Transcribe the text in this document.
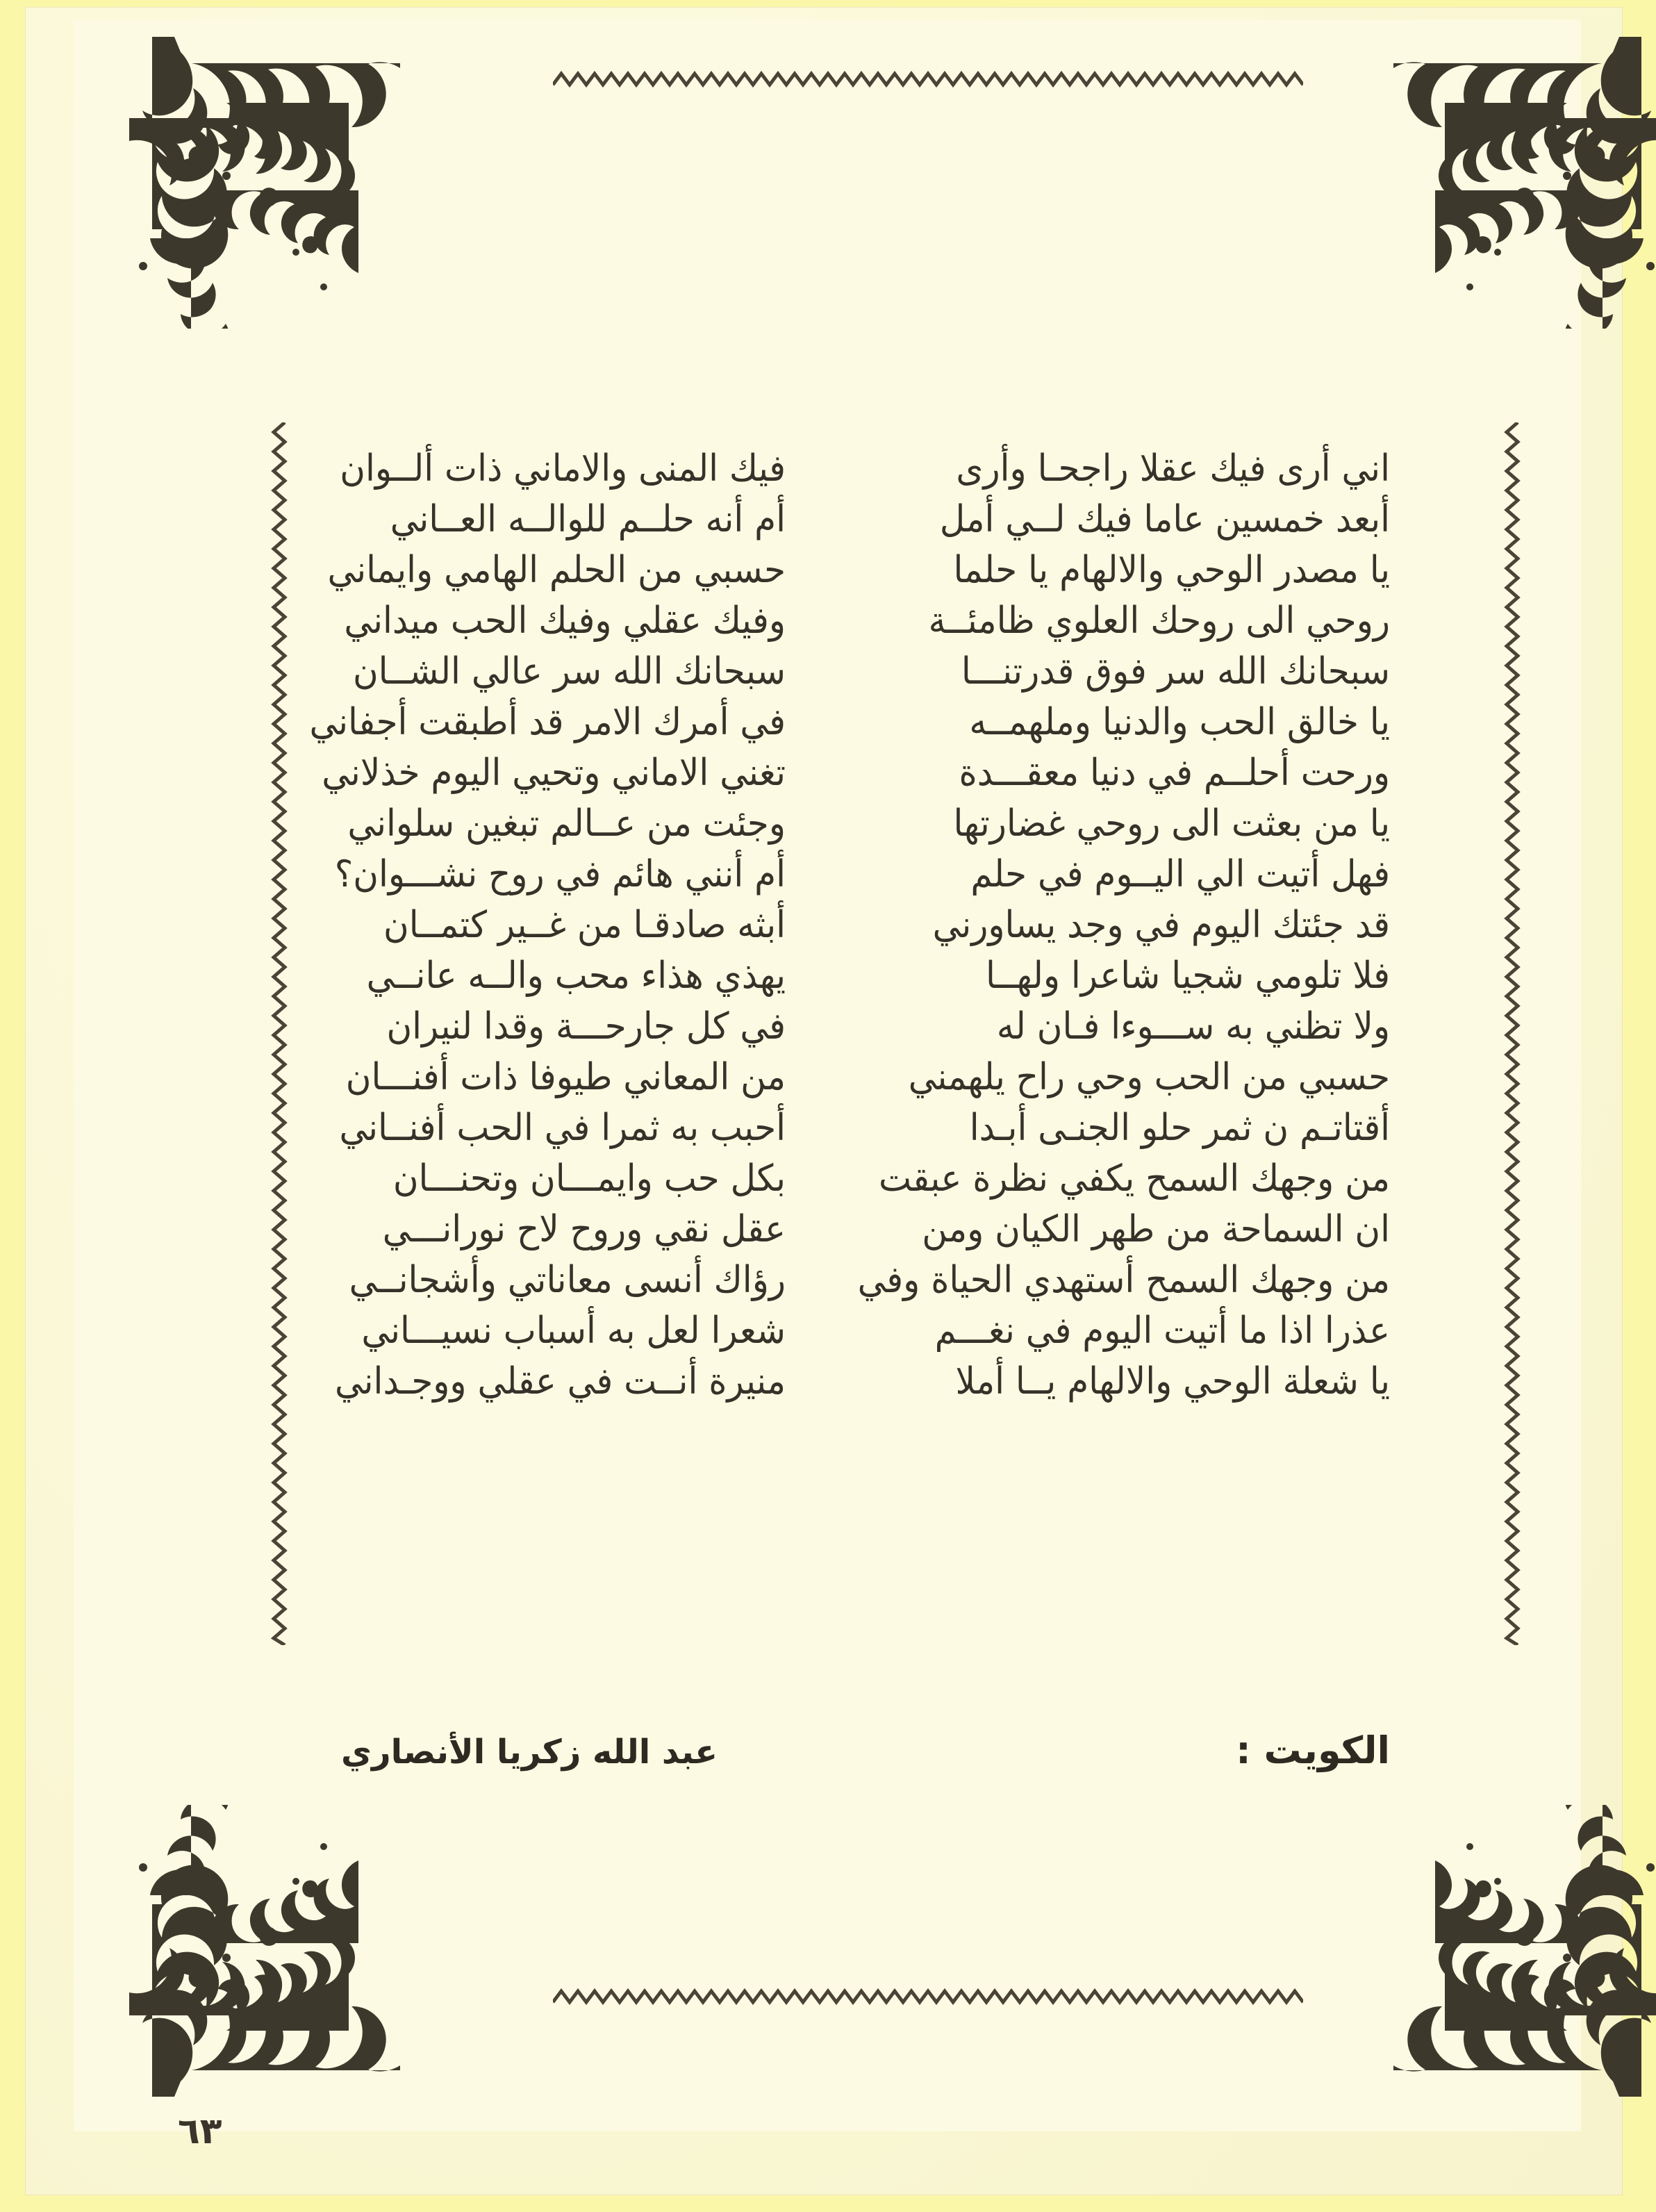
اني أرى فيك عقلا راجحـا وأرى
أبعد خمسين عاما فيك لــي أمل
يا مصدر الوحي والالهام يا حلما
روحي الى روحك العلوي ظامئــة
سبحانك الله سر فوق قدرتنـــا
يا خالق الحب والدنيا وملهمــه
ورحت أحلــم في دنيا معقـــدة
يا من بعثت الى روحي غضارتها
فهل أتيت الي اليــوم في حلم
قد جئتك اليوم في وجد يساورني
فلا تلومي شجيا شاعرا ولهــا
ولا تظني به ســـوءا فـان له
حسبي من الحب وحي راح يلهمني
أقتاتـم ن ثمر حلو الجنـى أبـدا
من وجهك السمح يكفي نظرة عبقت
ان السماحة من طهر الكيان ومن
من وجهك السمح أستهدي الحياة وفي
عذرا اذا ما أتيت اليوم في نغـــم
يا شعلة الوحي والالهام يــا أملا
فيك المنى والاماني ذات ألــوان
أم أنه حلــم للوالــه العــاني
حسبي من الحلم الهامي وايماني
وفيك عقلي وفيك الحب ميداني
سبحانك الله سر عالي الشــان
في أمرك الامر قد أطبقت أجفاني
تغني الاماني وتحيي اليوم خذلاني
وجئت من عــالم تبغين سلواني
أم أنني هائم في روح نشـــوان؟
أبثه صادقـا من غــير كتمــان
يهذي هذاء محب والــه عانــي
في كل جارحـــة وقدا لنيران
من المعاني طيوفا ذات أفنـــان
أحبب به ثمرا في الحب أفنــاني
بكل حب وايمـــان وتحنـــان
عقل نقي وروح لاح نورانـــي
رؤاك أنسى معاناتي وأشجانــي
شعرا لعل به أسباب نسيـــاني
منيرة أنــت في عقلي ووجـداني
الكويت :
عبد الله زكريا الأنصاري
٦٣
